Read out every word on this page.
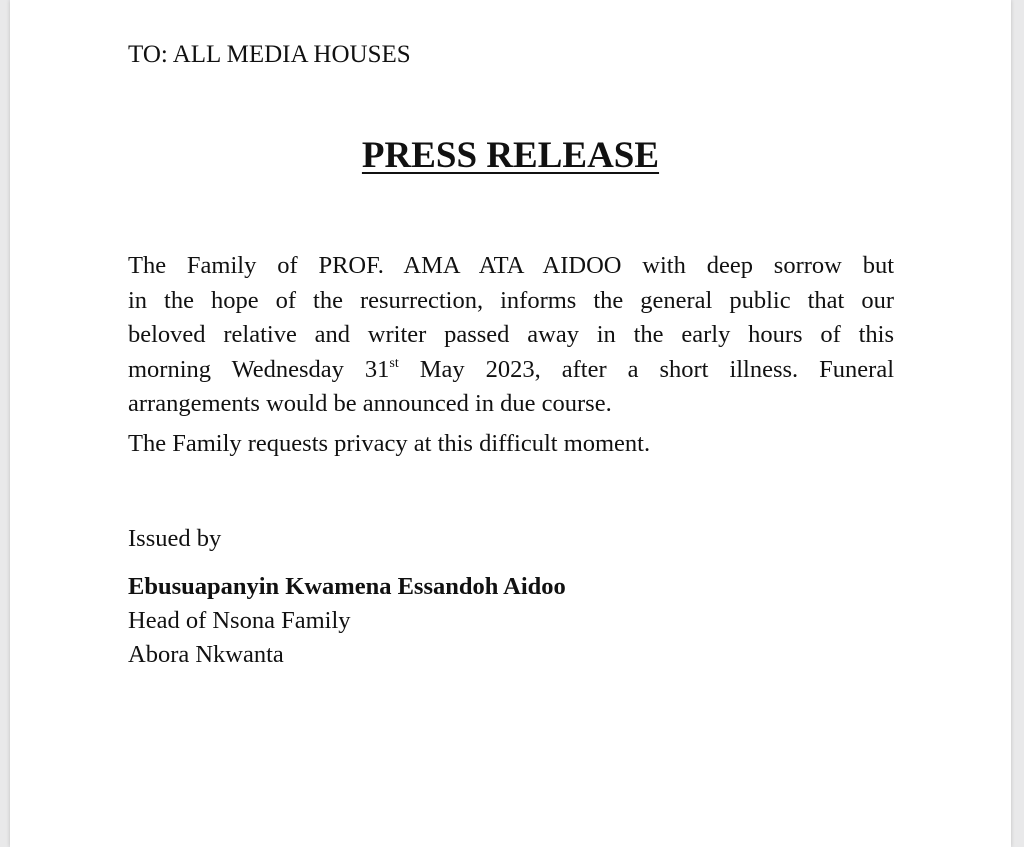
TO: ALL MEDIA HOUSES

PRESS RELEASE
The Family of PROF. AMA ATA AIDOO with deep sorrow but
in the hope of the resurrection, informs the general public that our
beloved relative and writer passed away in the early hours of this
morning Wednesday 31st May 2023, after a short illness. Funeral
arrangements would be announced in due course.

The Family requests privacy at this difficult moment.

Issued by

Ebusuapanyin Kwamena Essandoh Aidoo

Head of Nsona Family

Abora Nkwanta
